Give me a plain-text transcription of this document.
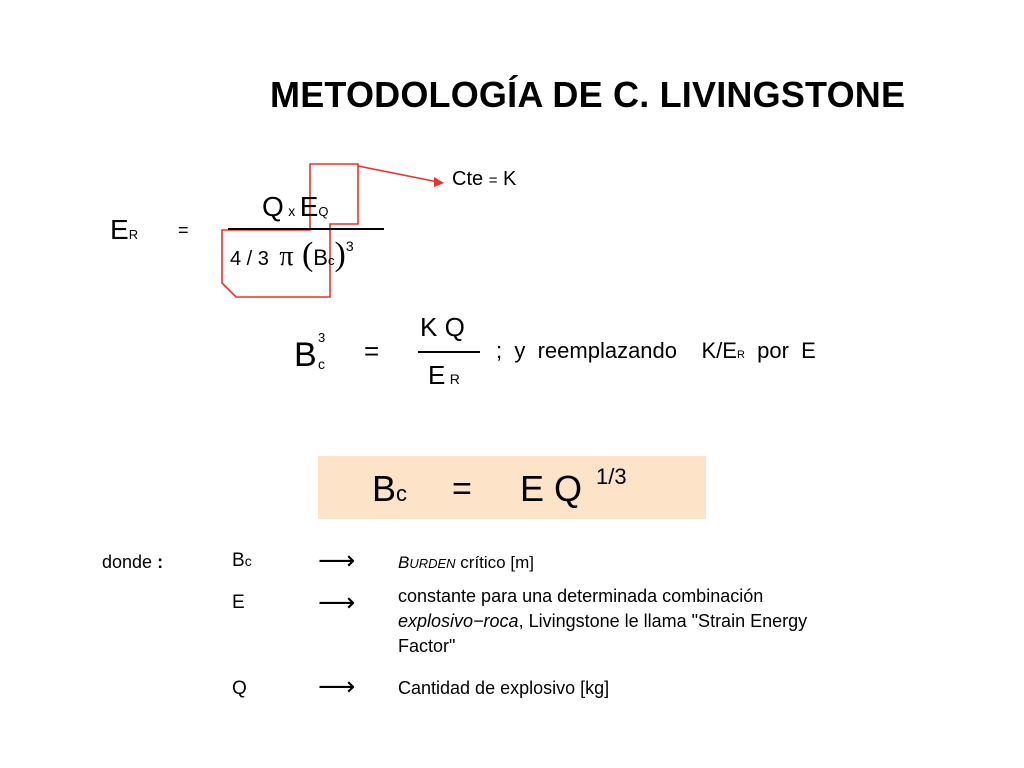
METODOLOGÍA DE C. LIVINGSTONE
Cte = K
ER =
Q x EQ
4 / 3 π (Bc)3
B 3
c =
K Q
E R
; y reemplazando K/ER por E
Bc = E Q 1/3
donde :	Bc	⟶	BURDEN crítico [m]
E	⟶ constante para una determinada combinación
explosivo−roca, Livingstone le llama "Strain Energy
Factor"
Q	⟶ Cantidad de explosivo [kg]
